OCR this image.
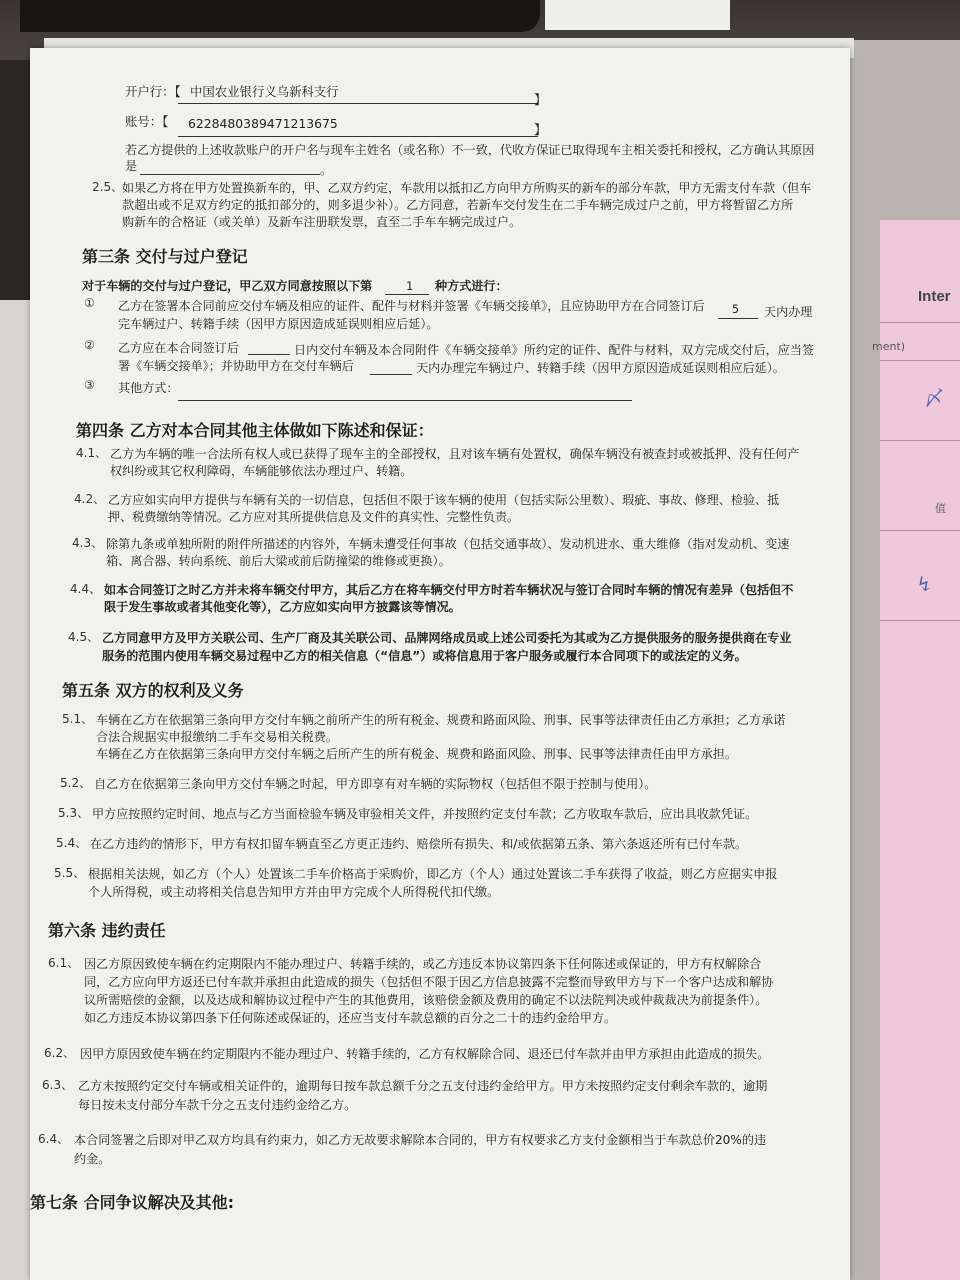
Inter
ment)
值
〆
↯
开户行：【 中国农业银行义乌新科支行
】
账号：【 6228480389471213675	】
若乙方提供的上述收款账户的开户名与现车主姓名（或名称）不一致，代收方保证已取得现车主相关委托和授权，乙方确认其原因
是	。
2.5、
如果乙方将在甲方处置换新车的，甲、乙双方约定，车款用以抵扣乙方向甲方所购买的新车的部分车款，甲方无需支付车款（但车
款超出或不足双方约定的抵扣部分的，则多退少补）。乙方同意，若新车交付发生在二手车辆完成过户之前，甲方将暂留乙方所
购新车的合格证（或关单）及新车注册联发票，直至二手车车辆完成过户。
第三条 交付与过户登记
对于车辆的交付与过户登记，甲乙双方同意按照以下第	1 种方式进行：
① 乙方在签署本合同前应交付车辆及相应的证件、配件与材料并签署《车辆交接单》，且应协助甲方在合同签订后 5 天内办理
完车辆过户、转籍手续（因甲方原因造成延误则相应后延）。
② 乙方应在本合同签订后	日内交付车辆及本合同附件《车辆交接单》所约定的证件、配件与材料，双方完成交付后，应当签
署《车辆交接单》；并协助甲方在交付车辆后	天内办理完车辆过户、转籍手续（因甲方原因造成延误则相应后延）。
③ 其他方式：
第四条 乙方对本合同其他主体做如下陈述和保证：
4.1、 乙方为车辆的唯一合法所有权人或已获得了现车主的全部授权，且对该车辆有处置权，确保车辆没有被查封或被抵押、没有任何产
权纠纷或其它权利障碍，车辆能够依法办理过户、转籍。
4.2、 乙方应如实向甲方提供与车辆有关的一切信息，包括但不限于该车辆的使用（包括实际公里数）、瑕疵、事故、修理、检验、抵
押、税费缴纳等情况。乙方应对其所提供信息及文件的真实性、完整性负责。
4.3、 除第九条或单独所附的附件所描述的内容外，车辆未遭受任何事故（包括交通事故）、发动机进水、重大维修（指对发动机、变速
箱、离合器、转向系统、前后大梁或前后防撞梁的维修或更换）。
4.4、 如本合同签订之时乙方并未将车辆交付甲方，其后乙方在将车辆交付甲方时若车辆状况与签订合同时车辆的情况有差异（包括但不
限于发生事故或者其他变化等），乙方应如实向甲方披露该等情况。
4.5、 乙方同意甲方及甲方关联公司、生产厂商及其关联公司、品牌网络成员或上述公司委托为其或为乙方提供服务的服务提供商在专业
服务的范围内使用车辆交易过程中乙方的相关信息（“信息”）或将信息用于客户服务或履行本合同项下的或法定的义务。
第五条 双方的权利及义务
5.1、 车辆在乙方在依据第三条向甲方交付车辆之前所产生的所有税金、规费和路面风险、刑事、民事等法律责任由乙方承担；乙方承诺
合法合规据实申报缴纳二手车交易相关税费。
车辆在乙方在依据第三条向甲方交付车辆之后所产生的所有税金、规费和路面风险、刑事、民事等法律责任由甲方承担。
5.2、 自乙方在依据第三条向甲方交付车辆之时起，甲方即享有对车辆的实际物权（包括但不限于控制与使用）。
5.3、 甲方应按照约定时间、地点与乙方当面检验车辆及审验相关文件，并按照约定支付车款；乙方收取车款后，应出具收款凭证。
5.4、 在乙方违约的情形下，甲方有权扣留车辆直至乙方更正违约、赔偿所有损失、和/或依据第五条、第六条返还所有已付车款。
5.5、 根据相关法规，如乙方（个人）处置该二手车价格高于采购价，即乙方（个人）通过处置该二手车获得了收益，则乙方应据实申报
个人所得税，或主动将相关信息告知甲方并由甲方完成个人所得税代扣代缴。
第六条 违约责任
6.1、 因乙方原因致使车辆在约定期限内不能办理过户、转籍手续的，或乙方违反本协议第四条下任何陈述或保证的，甲方有权解除合
同，乙方应向甲方返还已付车款并承担由此造成的损失（包括但不限于因乙方信息披露不完整而导致甲方与下一个客户达成和解协
议所需赔偿的金额，以及达成和解协议过程中产生的其他费用，该赔偿金额及费用的确定不以法院判决或仲裁裁决为前提条件）。
如乙方违反本协议第四条下任何陈述或保证的，还应当支付车款总额的百分之二十的违约金给甲方。
6.2、 因甲方原因致使车辆在约定期限内不能办理过户、转籍手续的，乙方有权解除合同、退还已付车款并由甲方承担由此造成的损失。
6.3、 乙方未按照约定交付车辆或相关证件的，逾期每日按车款总额千分之五支付违约金给甲方。甲方未按照约定支付剩余车款的，逾期
每日按未支付部分车款千分之五支付违约金给乙方。
6.4、 本合同签署之后即对甲乙双方均具有约束力，如乙方无故要求解除本合同的，甲方有权要求乙方支付金额相当于车款总价20%的违
约金。
第七条 合同争议解决及其他:
